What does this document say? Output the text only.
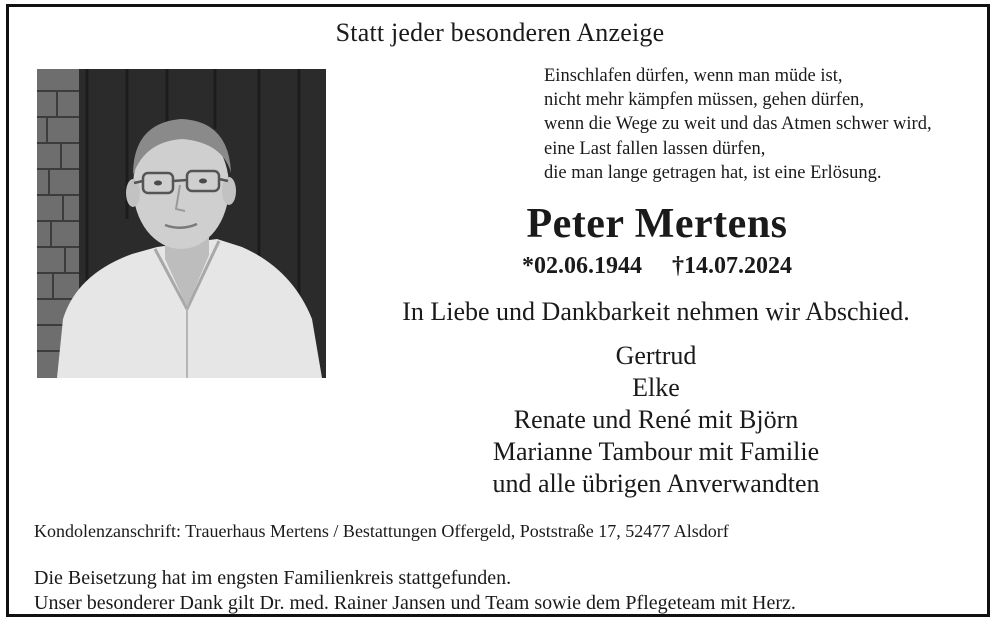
Statt jeder besonderen Anzeige
Einschlafen dürfen, wenn man müde ist,
nicht mehr kämpfen müssen, gehen dürfen,
wenn die Wege zu weit und das Atmen schwer wird,
eine Last fallen lassen dürfen,
die man lange getragen hat, ist eine Erlösung.
Peter Mertens
*02.06.1944 †14.07.2024
In Liebe und Dankbarkeit nehmen wir Abschied.
Gertrud
Elke
Renate und René mit Björn
Marianne Tambour mit Familie
und alle übrigen Anverwandten
Kondolenzanschrift: Trauerhaus Mertens / Bestattungen Offergeld, Poststraße 17, 52477 Alsdorf
Die Beisetzung hat im engsten Familienkreis stattgefunden.
Unser besonderer Dank gilt Dr. med. Rainer Jansen und Team sowie dem Pflegeteam mit Herz.
